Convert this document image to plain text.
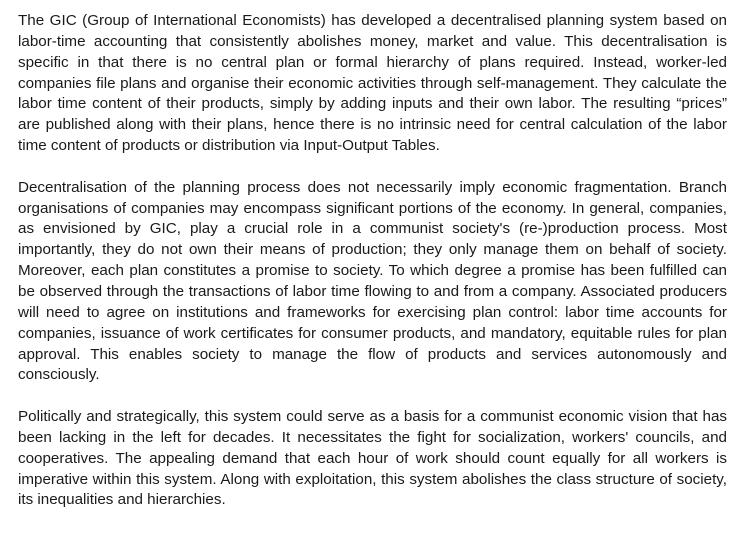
The GIC (Group of International Economists) has developed a decentralised planning system based on labor-time accounting that consistently abolishes money, market and value. This decentralisation is specific in that there is no central plan or formal hierarchy of plans required. Instead, worker-led companies file plans and organise their economic activities through self-management. They calculate the labor time content of their products, simply by adding inputs and their own labor. The resulting “prices” are published along with their plans, hence there is no intrinsic need for central calculation of the labor time content of products or distribution via Input-Output Tables.

Decentralisation of the planning process does not necessarily imply economic fragmentation. Branch organisations of companies may encompass significant portions of the economy. In general, companies, as envisioned by GIC, play a crucial role in a communist society's (re-)production process. Most importantly, they do not own their means of production; they only manage them on behalf of society. Moreover, each plan constitutes a promise to society. To which degree a promise has been fulfilled can be observed through the transactions of labor time flowing to and from a company. Associated producers will need to agree on institutions and frameworks for exercising plan control: labor time accounts for companies, issuance of work certificates for consumer products, and mandatory, equitable rules for plan approval. This enables society to manage the flow of products and services autonomously and consciously.

Politically and strategically, this system could serve as a basis for a communist economic vision that has been lacking in the left for decades. It necessitates the fight for socialization, workers' councils, and cooperatives. The appealing demand that each hour of work should count equally for all workers is imperative within this system. Along with exploitation, this system abolishes the class structure of society, its inequalities and hierarchies.
